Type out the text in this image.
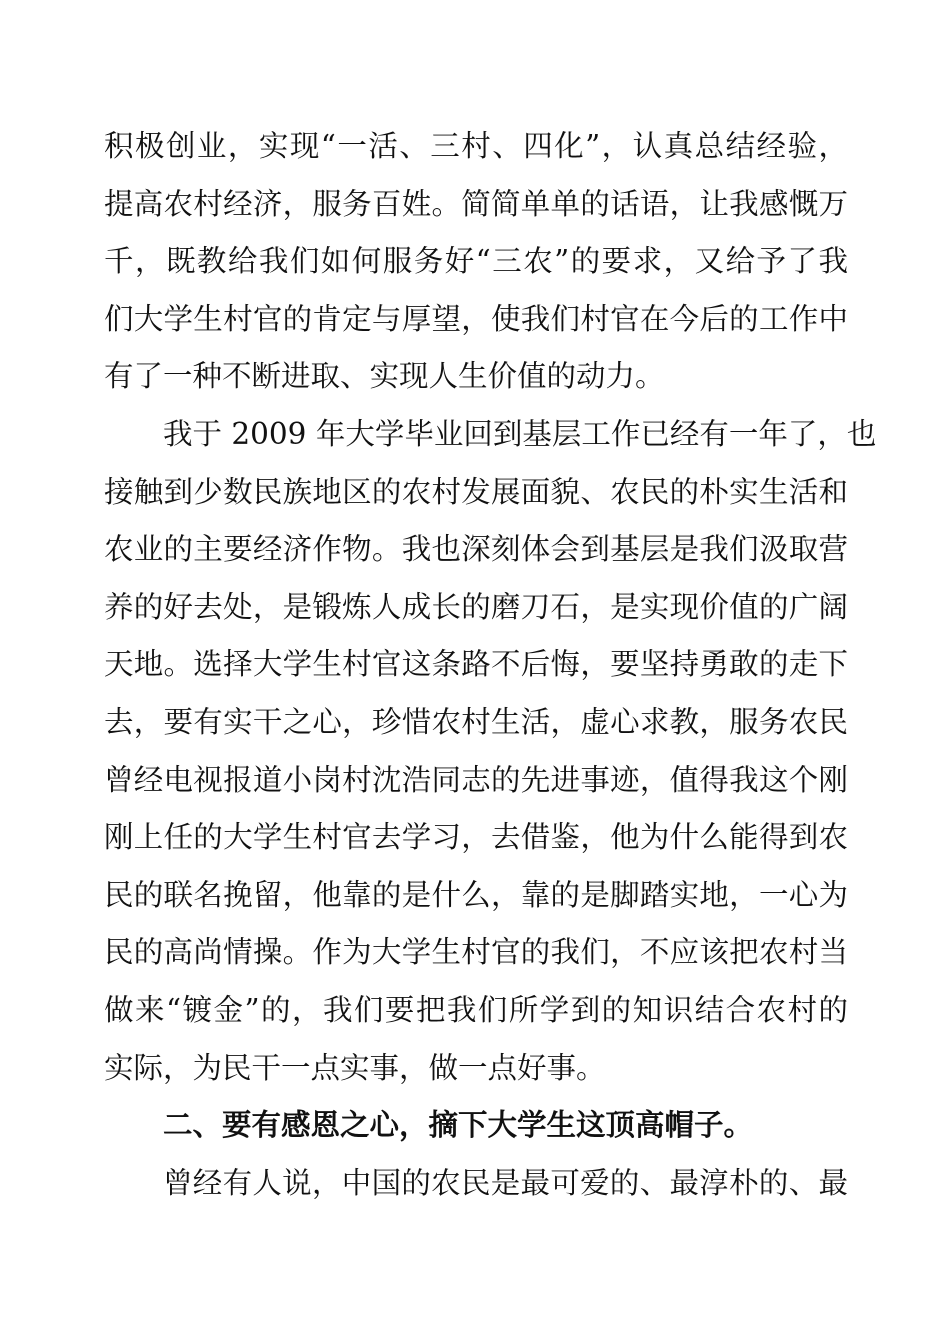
积极创业，实现“一活、三村、四化”，认真总结经验，
提高农村经济，服务百姓。简简单单的话语，让我感慨万
千，既教给我们如何服务好“三农”的要求，又给予了我
们大学生村官的肯定与厚望，使我们村官在今后的工作中
有了一种不断进取、实现人生价值的动力。
我于 2009 年大学毕业回到基层工作已经有一年了，也
接触到少数民族地区的农村发展面貌、农民的朴实生活和
农业的主要经济作物。我也深刻体会到基层是我们汲取营
养的好去处，是锻炼人成长的磨刀石，是实现价值的广阔
天地。选择大学生村官这条路不后悔，要坚持勇敢的走下
去，要有实干之心，珍惜农村生活，虚心求教，服务农民
曾经电视报道小岗村沈浩同志的先进事迹，值得我这个刚
刚上任的大学生村官去学习，去借鉴，他为什么能得到农
民的联名挽留，他靠的是什么，靠的是脚踏实地，一心为
民的高尚情操。作为大学生村官的我们，不应该把农村当
做来“镀金”的，我们要把我们所学到的知识结合农村的
实际，为民干一点实事，做一点好事。
二、要有感恩之心，摘下大学生这顶高帽子。
曾经有人说，中国的农民是最可爱的、最淳朴的、最
